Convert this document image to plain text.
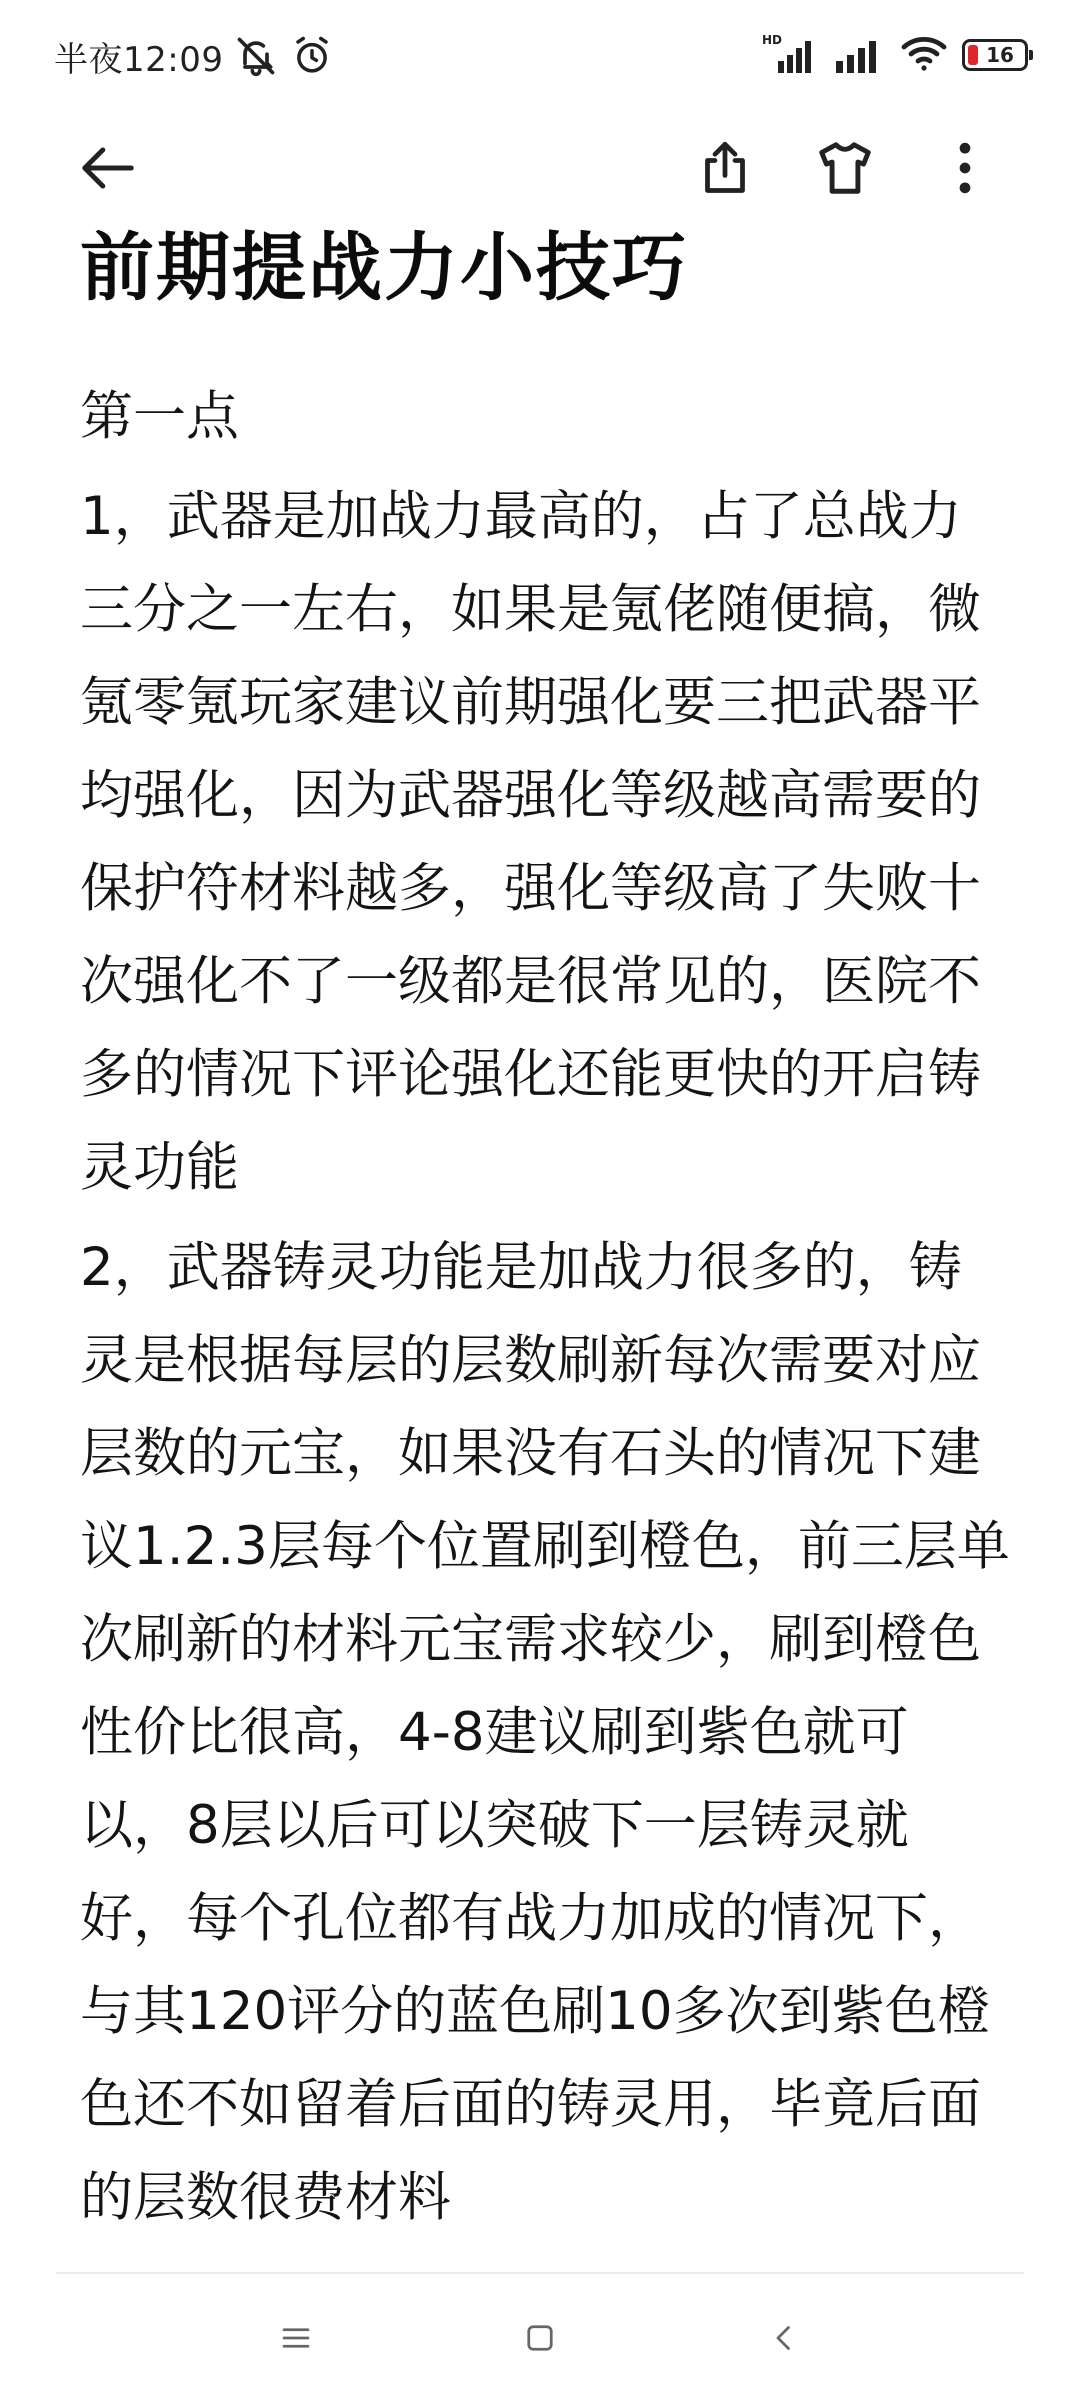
半夜12:09	HD
16
前期提战力小技巧

第一点

1，武器是加战力最高的，占了总战力三分之一左右，如果是氪佬随便搞，微氪零氪玩家建议前期强化要三把武器平均强化，因为武器强化等级越高需要的保护符材料越多，强化等级高了失败十次强化不了一级都是很常见的，医院不多的情况下评论强化还能更快的开启铸灵功能

2，武器铸灵功能是加战力很多的，铸灵是根据每层的层数刷新每次需要对应层数的元宝，如果没有石头的情况下建议1.2.3层每个位置刷到橙色，前三层单次刷新的材料元宝需求较少，刷到橙色性价比很高，4-8建议刷到紫色就可以，8层以后可以突破下一层铸灵就好，每个孔位都有战力加成的情况下，与其120评分的蓝色刷10多次到紫色橙色还不如留着后面的铸灵用，毕竟后面的层数很费材料
